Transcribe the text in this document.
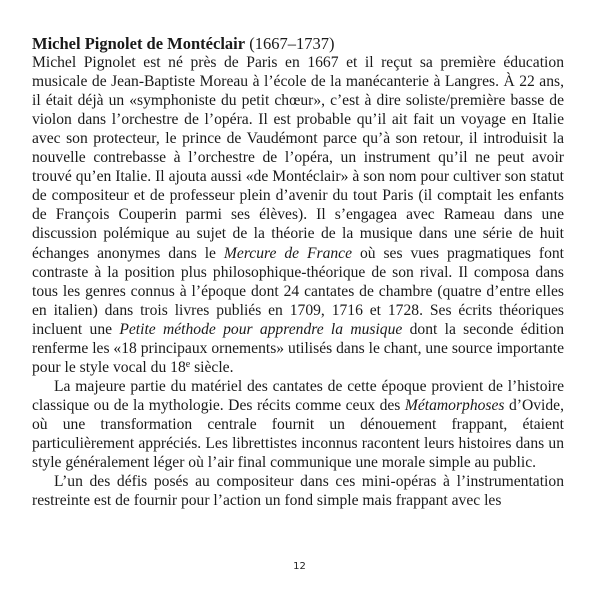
Michel Pignolet de Montéclair (1667–1737)

Michel Pignolet est né près de Paris en 1667 et il reçut sa première éducation musicale de Jean-Baptiste Moreau à l’école de la manécanterie à Langres. À 22 ans, il était déjà un «symphoniste du petit chœur», c’est à dire soliste/première basse de violon dans l’orchestre de l’opéra. Il est probable qu’il ait fait un voyage en Italie avec son protecteur, le prince de Vaudémont parce qu’à son retour, il introduisit la nouvelle contrebasse à l’orchestre de l’opéra, un instrument qu’il ne peut avoir trouvé qu’en Italie. Il ajouta aussi «de Montéclair» à son nom pour cultiver son statut de compositeur et de professeur plein d’avenir du tout Paris (il comptait les enfants de François Couperin parmi ses élèves). Il s’engagea avec Rameau dans une discussion polémique au sujet de la théorie de la musique dans une série de huit échanges anonymes dans le Mercure de France où ses vues pragmatiques font contraste à la position plus philosophique-théorique de son rival. Il composa dans tous les genres connus à l’époque dont 24 cantates de chambre (quatre d’entre elles en italien) dans trois livres publiés en 1709, 1716 et 1728. Ses écrits théoriques incluent une Petite méthode pour apprendre la musique dont la seconde édition renferme les «18 principaux ornements» utilisés dans le chant, une source importante pour le style vocal du 18e siècle.

La majeure partie du matériel des cantates de cette époque provient de l’histoire classique ou de la mythologie. Des récits comme ceux des Métamorphoses d’Ovide, où une transformation centrale fournit un dénouement frappant, étaient particulièrement appréciés. Les librettistes inconnus racontent leurs histoires dans un style généralement léger où l’air final communique une morale simple au public.

L’un des défis posés au compositeur dans ces mini-opéras à l’instrumentation restreinte est de fournir pour l’action un fond simple mais frappant avec les

12
